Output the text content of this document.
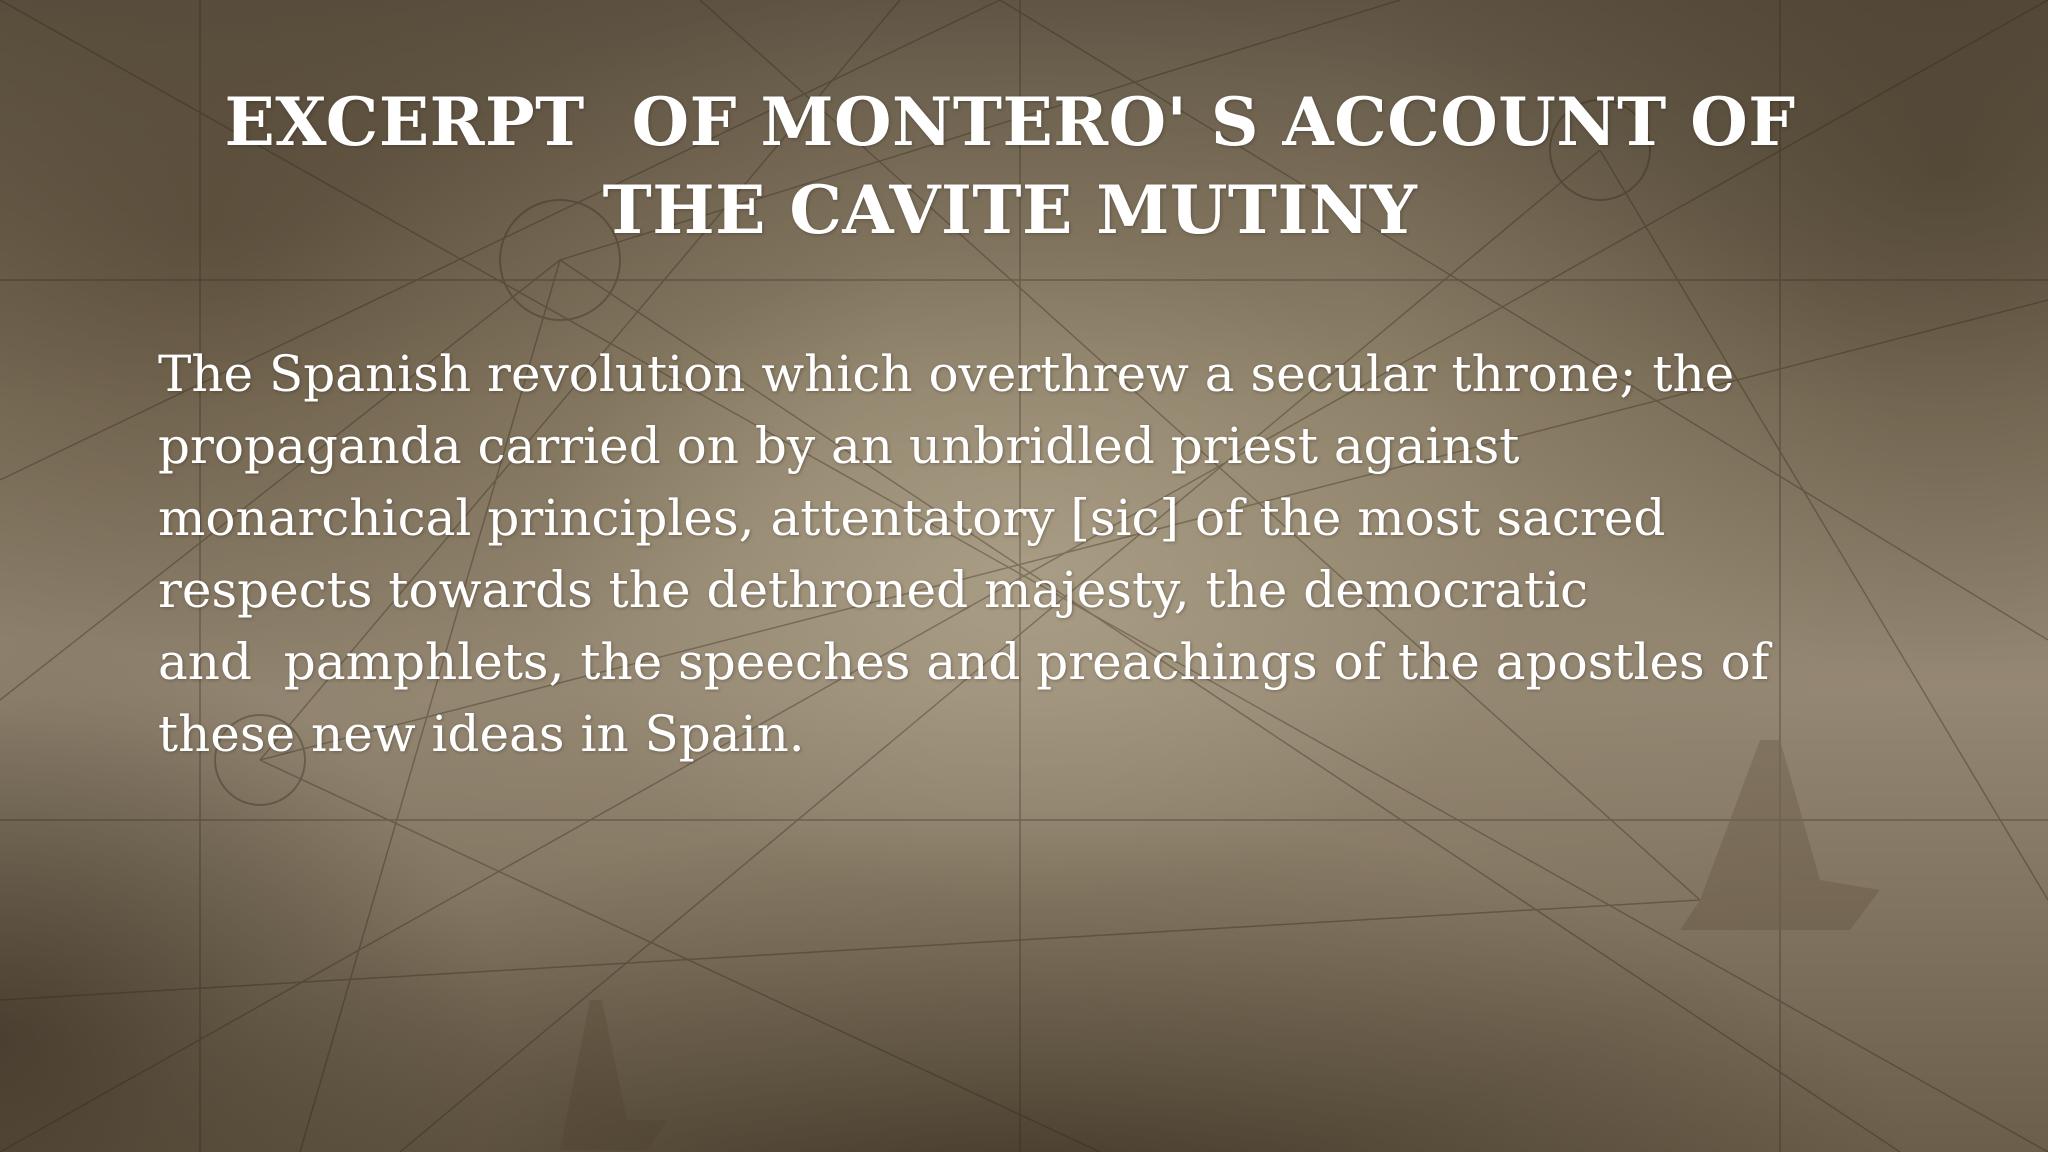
EXCERPT  OF MONTERO' S ACCOUNT OF
THE CAVITE MUTINY

The Spanish revolution which overthrew a secular throne; the
propaganda carried on by an unbridled priest against
monarchical principles, attentatory [sic] of the most sacred
respects towards the dethroned majesty, the democratic
and  pamphlets, the speeches and preachings of the apostles of
these new ideas in Spain.
